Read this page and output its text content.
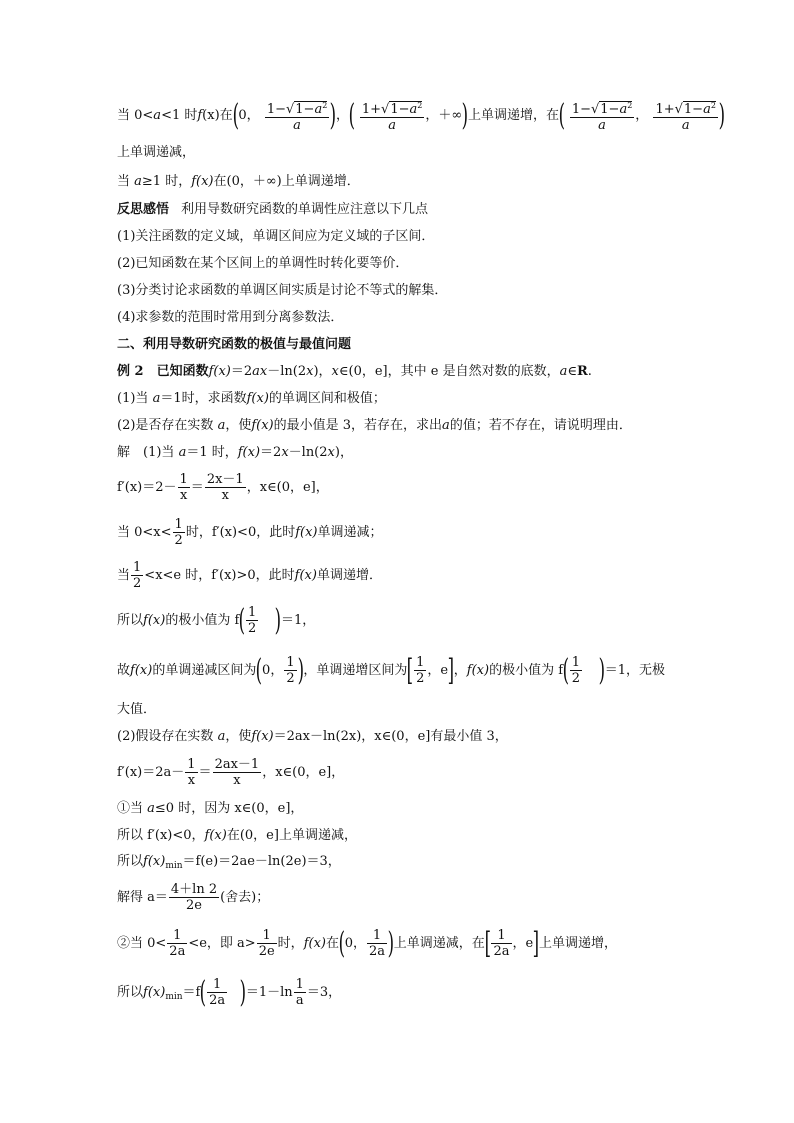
当 0<a<1 时f(x)在(0， $\frac{1-√1-a^2}{a}$ )，( $\frac{1+√1-a^2}{a}$ ，＋∞)上单调递增，在( $\frac{1-√1-a^2}{a}$ ， $\frac{1+√1-a^2}{a}$ )
上单调递减，
当 a≥1 时，f(x)在(0，＋∞)上单调递增．
反思感悟 利用导数研究函数的单调性应注意以下几点
(1)关注函数的定义域，单调区间应为定义域的子区间．
(2)已知函数在某个区间上的单调性时转化要等价．
(3)分类讨论求函数的单调区间实质是讨论不等式的解集．
(4)求参数的范围时常用到分离参数法．
二、利用导数研究函数的极值与最值问题
例 2　已知函数f(x)＝2ax－ln(2x)，x∈(0，e]，其中 e 是自然对数的底数，a∈R.
(1)当 a＝1时，求函数f(x)的单调区间和极值；
(2)是否存在实数 a，使f(x)的最小值是 3，若存在，求出a的值；若不存在，请说明理由．
解　(1)当 a＝1 时，f(x)＝2x－ln(2x)，
$f'(x)=2- \frac{1}{x} = \frac{2x-1}{x}$ ，x∈(0，e]，
当 $0<x< \frac{1}{2}$ 时，f′(x)<0，此时f(x)单调递减；
当 $\frac{1}{2} <x<e$ 时，f′(x)>0，此时f(x)单调递增．
所以f(x)的极小值为 $f( \frac{1}{2} )=1$，
故f(x)的单调递减区间为(0， $\frac{1}{2}$ )，单调递增区间为[ $\frac{1}{2}$ ，e]，f(x)的极小值为 $f( \frac{1}{2} )=1$，无极
大值．
(2)假设存在实数 a，使f(x)＝2ax－ln(2x)，x∈(0，e]有最小值 3，
$f'(x)=2a- \frac{1}{x} = \frac{2ax-1}{x}$ ，x∈(0，e]，
①当 a≤0 时，因为 x∈(0，e]，
所以 f′(x)<0，f(x)在(0，e]上单调递减，
所以$f(x)_{min}=f(e)=2ae-\ln(2e)=3$，
解得 $a= \frac{4+\ln 2}{2e}$ (舍去)；
②当 $0< \frac{1}{2a} <e$，即 $a> \frac{1}{2e}$ 时，f(x)在(0， $\frac{1}{2a}$ )上单调递减，在[ $\frac{1}{2a}$ ，e]上单调递增，
所以$f(x)_{min}=f( \frac{1}{2a} )=1-\ln \frac{1}{a} =3$，
